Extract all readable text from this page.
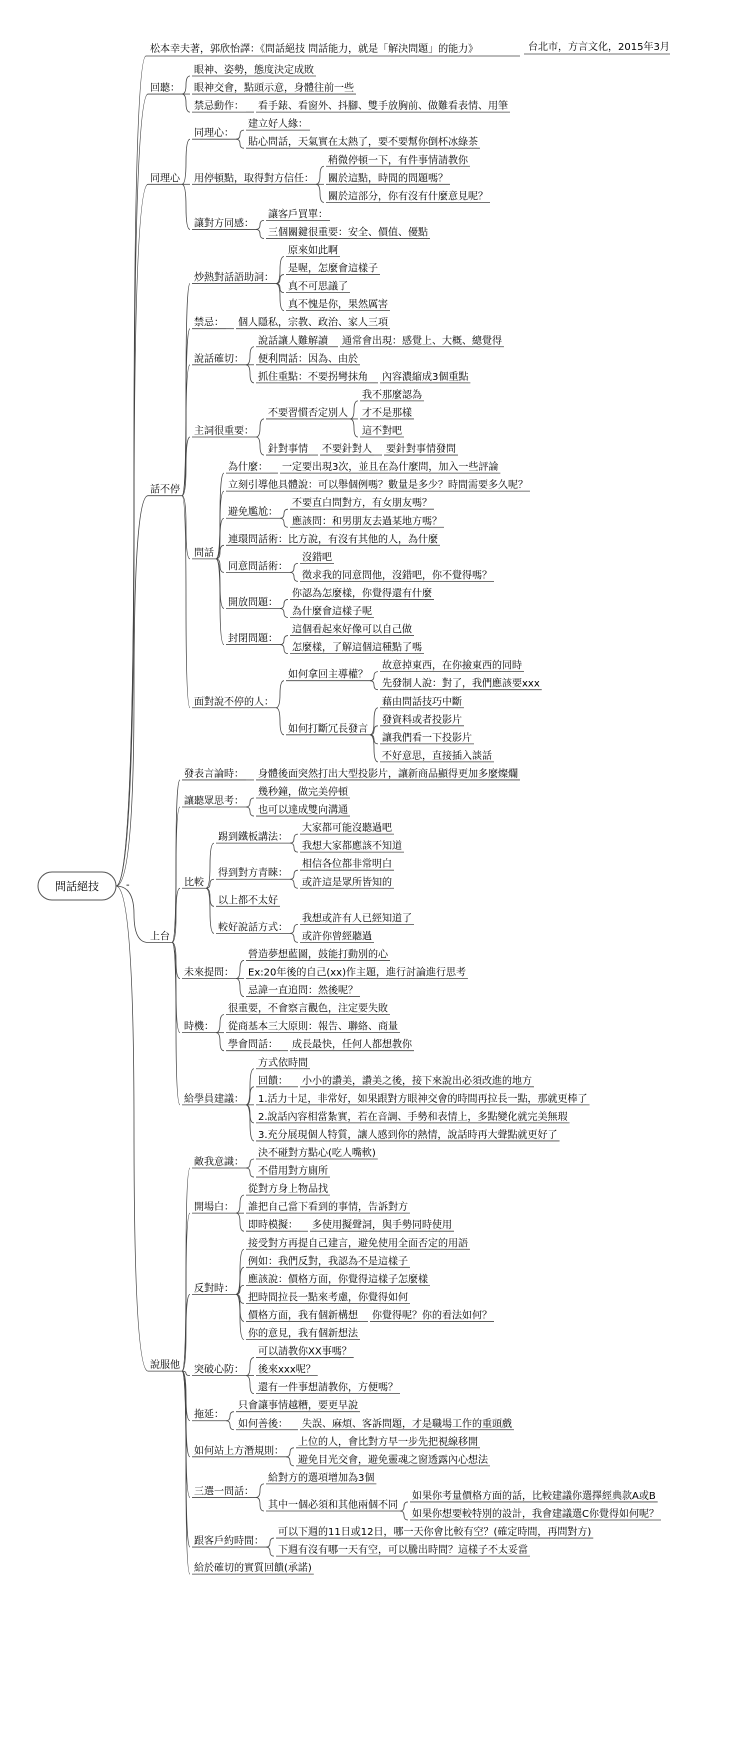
問話絕技
松本幸夫著，郭欣怡譯：《問話絕技 問話能力，就是「解決問題」的能力》	台北市，方言文化，2015年3月
-
回聽：
眼神、姿勢，態度決定成敗
眼神交會，點頭示意，身體往前一些
禁忌動作： 看手錶、看窗外、抖腳、雙手放胸前、做難看表情、用筆
同理心
同理心：
建立好人緣：
貼心問話，天氣實在太熱了，要不要幫你倒杯冰綠茶
用停頓點，取得對方信任：
稍微停頓一下，有件事情請教你
關於這點，時間的問題嗎？
關於這部分，你有沒有什麼意見呢？
讓對方同感：
讓客戶買單：
三個關鍵很重要：安全、價值、優點
話不停
炒熱對話語助詞：
原來如此啊
是喔，怎麼會這樣子
真不可思議了
真不愧是你，果然厲害
禁忌： 個人隱私，宗教、政治、家人三項
說話確切：
說話讓人難解讀 通常會出現：感覺上、大概、總覺得
便利問話：因為、由於
抓住重點：不要拐彎抹角 內容濃縮成3個重點
主詞很重要：
不要習慣否定別人
我不那麼認為
才不是那樣
這不對吧
針對事情 不要針對人 要針對事情發問
問話
為什麼： 一定要出現3次，並且在為什麼問，加入一些評論
立刻引導他具體說：可以舉個例嗎？數量是多少？時間需要多久呢？
避免尷尬：
不要直白問對方，有女朋友嗎？
應該問：和男朋友去過某地方嗎？
連環問話術：比方說，有沒有其他的人，為什麼
同意問話術：
沒錯吧
徵求我的同意問他，沒錯吧，你不覺得嗎？
開放問題：
你認為怎麼樣，你覺得還有什麼
為什麼會這樣子呢
封閉問題：
這個看起來好像可以自己做
怎麼樣，了解這個這種點了嗎
面對說不停的人：
如何拿回主導權？
故意掉東西，在你撿東西的同時
先發制人說：對了，我們應該要xxx
如何打斷冗長發言
藉由問話技巧中斷
發資料或者投影片
讓我們看一下投影片
不好意思，直接插入談話
上台
發表言論時： 身體後面突然打出大型投影片，讓新商品顯得更加多麼燦爛
讓聽眾思考：
幾秒鐘，做完美停頓
也可以達成雙向溝通
比較
踢到鐵板講法：
大家都可能沒聽過吧
我想大家都應該不知道
得到對方青睞：
相信各位都非常明白
或許這是眾所皆知的
以上都不太好
較好說話方式：
我想或許有人已經知道了
或許你曾經聽過
未來提問：
營造夢想藍圖，鼓能打動別的心
Ex:20年後的自己(xx)作主題，進行討論進行思考
忌諱一直追問：然後呢？
時機：
很重要，不會察言觀色，注定要失敗
從商基本三大原則：報告、聯絡、商量
學會問話： 成長最快，任何人都想教你
給學員建議：
方式依時間
回饋： 小小的讚美，讚美之後，接下來說出必須改進的地方
1.活力十足，非常好，如果跟對方眼神交會的時間再拉長一點，那就更棒了
2.說話內容相當紮實，若在音調、手勢和表情上，多點變化就完美無瑕
3.充分展現個人特質，讓人感到你的熱情，說話時再大聲點就更好了
說服他
敵我意識：
決不碰對方點心(吃人嘴軟)
不借用對方廁所
開場白：
從對方身上物品找
誰把自己當下看到的事情，告訴對方
即時模擬： 多使用擬聲詞，與手勢同時使用
反對時：
接受對方再提自己建言，避免使用全面否定的用語
例如：我們反對，我認為不是這樣子
應該說：價格方面，你覺得這樣子怎麼樣
把時間拉長一點來考慮，你覺得如何
價格方面，我有個新構想 你覺得呢？你的看法如何？
你的意見，我有個新想法
突破心防：
可以請教你XX事嗎？
後來xxx呢？
還有一件事想請教你，方便嗎？
拖延：
只會讓事情越糟，要更早說
如何善後： 失誤、麻煩、客訴問題，才是職場工作的重頭戲
如何站上方潛規則：
上位的人，會比對方早一步先把視線移開
避免目光交會，避免靈魂之窗透露內心想法
三選一問話：
給對方的選項增加為3個
其中一個必須和其他兩個不同
如果你考量價格方面的話，比較建議你選擇經典款A或B
如果你想要較特別的設計，我會建議選C你覺得如何呢？
跟客戶約時間：
可以下週的11日或12日，哪一天你會比較有空？(確定時間，再問對方)
下週有沒有哪一天有空，可以騰出時間？這樣子不太妥當
給於確切的實質回饋(承諾)
